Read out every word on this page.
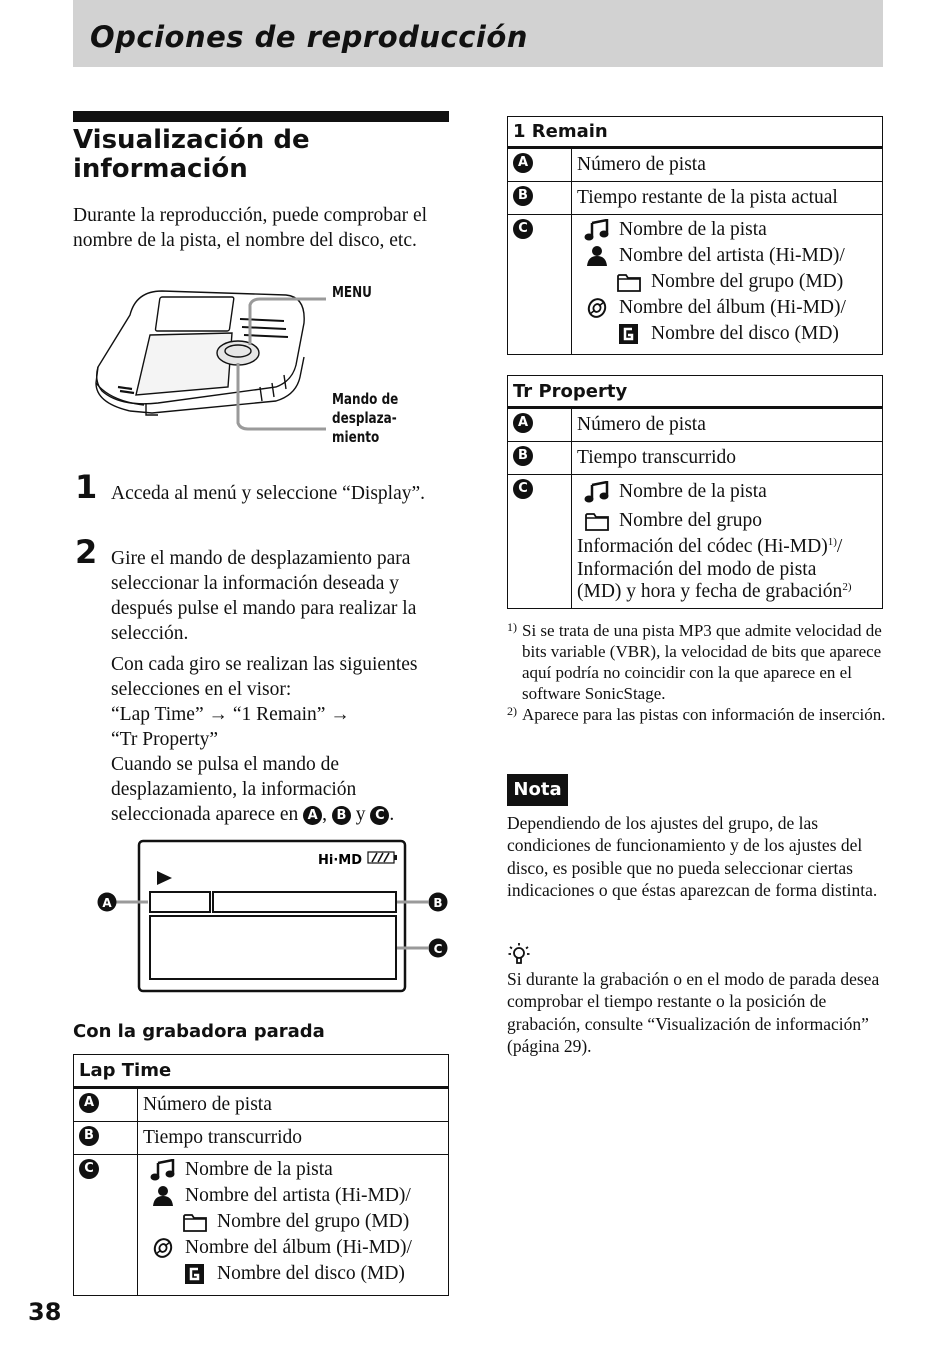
Opciones de reproducción
Visualización de información
Durante la reproducción, puede comprobar el nombre de la pista, el nombre del disco, etc.
MENU
Mando de
desplaza-
miento
1 Acceda al menú y seleccione “Display”.
2 Gire el mando de desplazamiento para seleccionar la información deseada y después pulse el mando para realizar la selección.
Con cada giro se realizan las siguientes selecciones en el visor:
“Lap Time” → “1 Remain” →
“Tr Property”
Cuando se pulsa el mando de desplazamiento, la información seleccionada aparece en A , B y C .
Hi·MD
A	B
C
Con la grabadora parada
Lap Time
A	Número de pista
B	Tiempo transcurrido
C	Nombre de la pista
Nombre del artista (Hi-MD)/
Nombre del grupo (MD)
Nombre del álbum (Hi-MD)/
Nombre del disco (MD)
1 Remain
A	Número de pista
B	Tiempo restante de la pista actual
C	Nombre de la pista
Nombre del artista (Hi-MD)/
Nombre del grupo (MD)
Nombre del álbum (Hi-MD)/
Nombre del disco (MD)
Tr Property
A	Número de pista
B	Tiempo transcurrido
C	Nombre de la pista
Nombre del grupo
Información del códec $(Hi-MD)^{1)}/$
Información del modo de pista
(MD) y hora y fecha de grabación$^{2)}$
1) Si se trata de una pista MP3 que admite velocidad de bits variable (VBR), la velocidad de bits que aparece aquí podría no coincidir con la que aparece en el software SonicStage.
2) Aparece para las pistas con información de inserción.
Nota
Dependiendo de los ajustes del grupo, de las condiciones de funcionamiento y de los ajustes del disco, es posible que no pueda seleccionar ciertas indicaciones o que éstas aparezcan de forma distinta.
Si durante la grabación o en el modo de parada desea comprobar el tiempo restante o la posición de grabación, consulte “Visualización de información” (página 29).
38
